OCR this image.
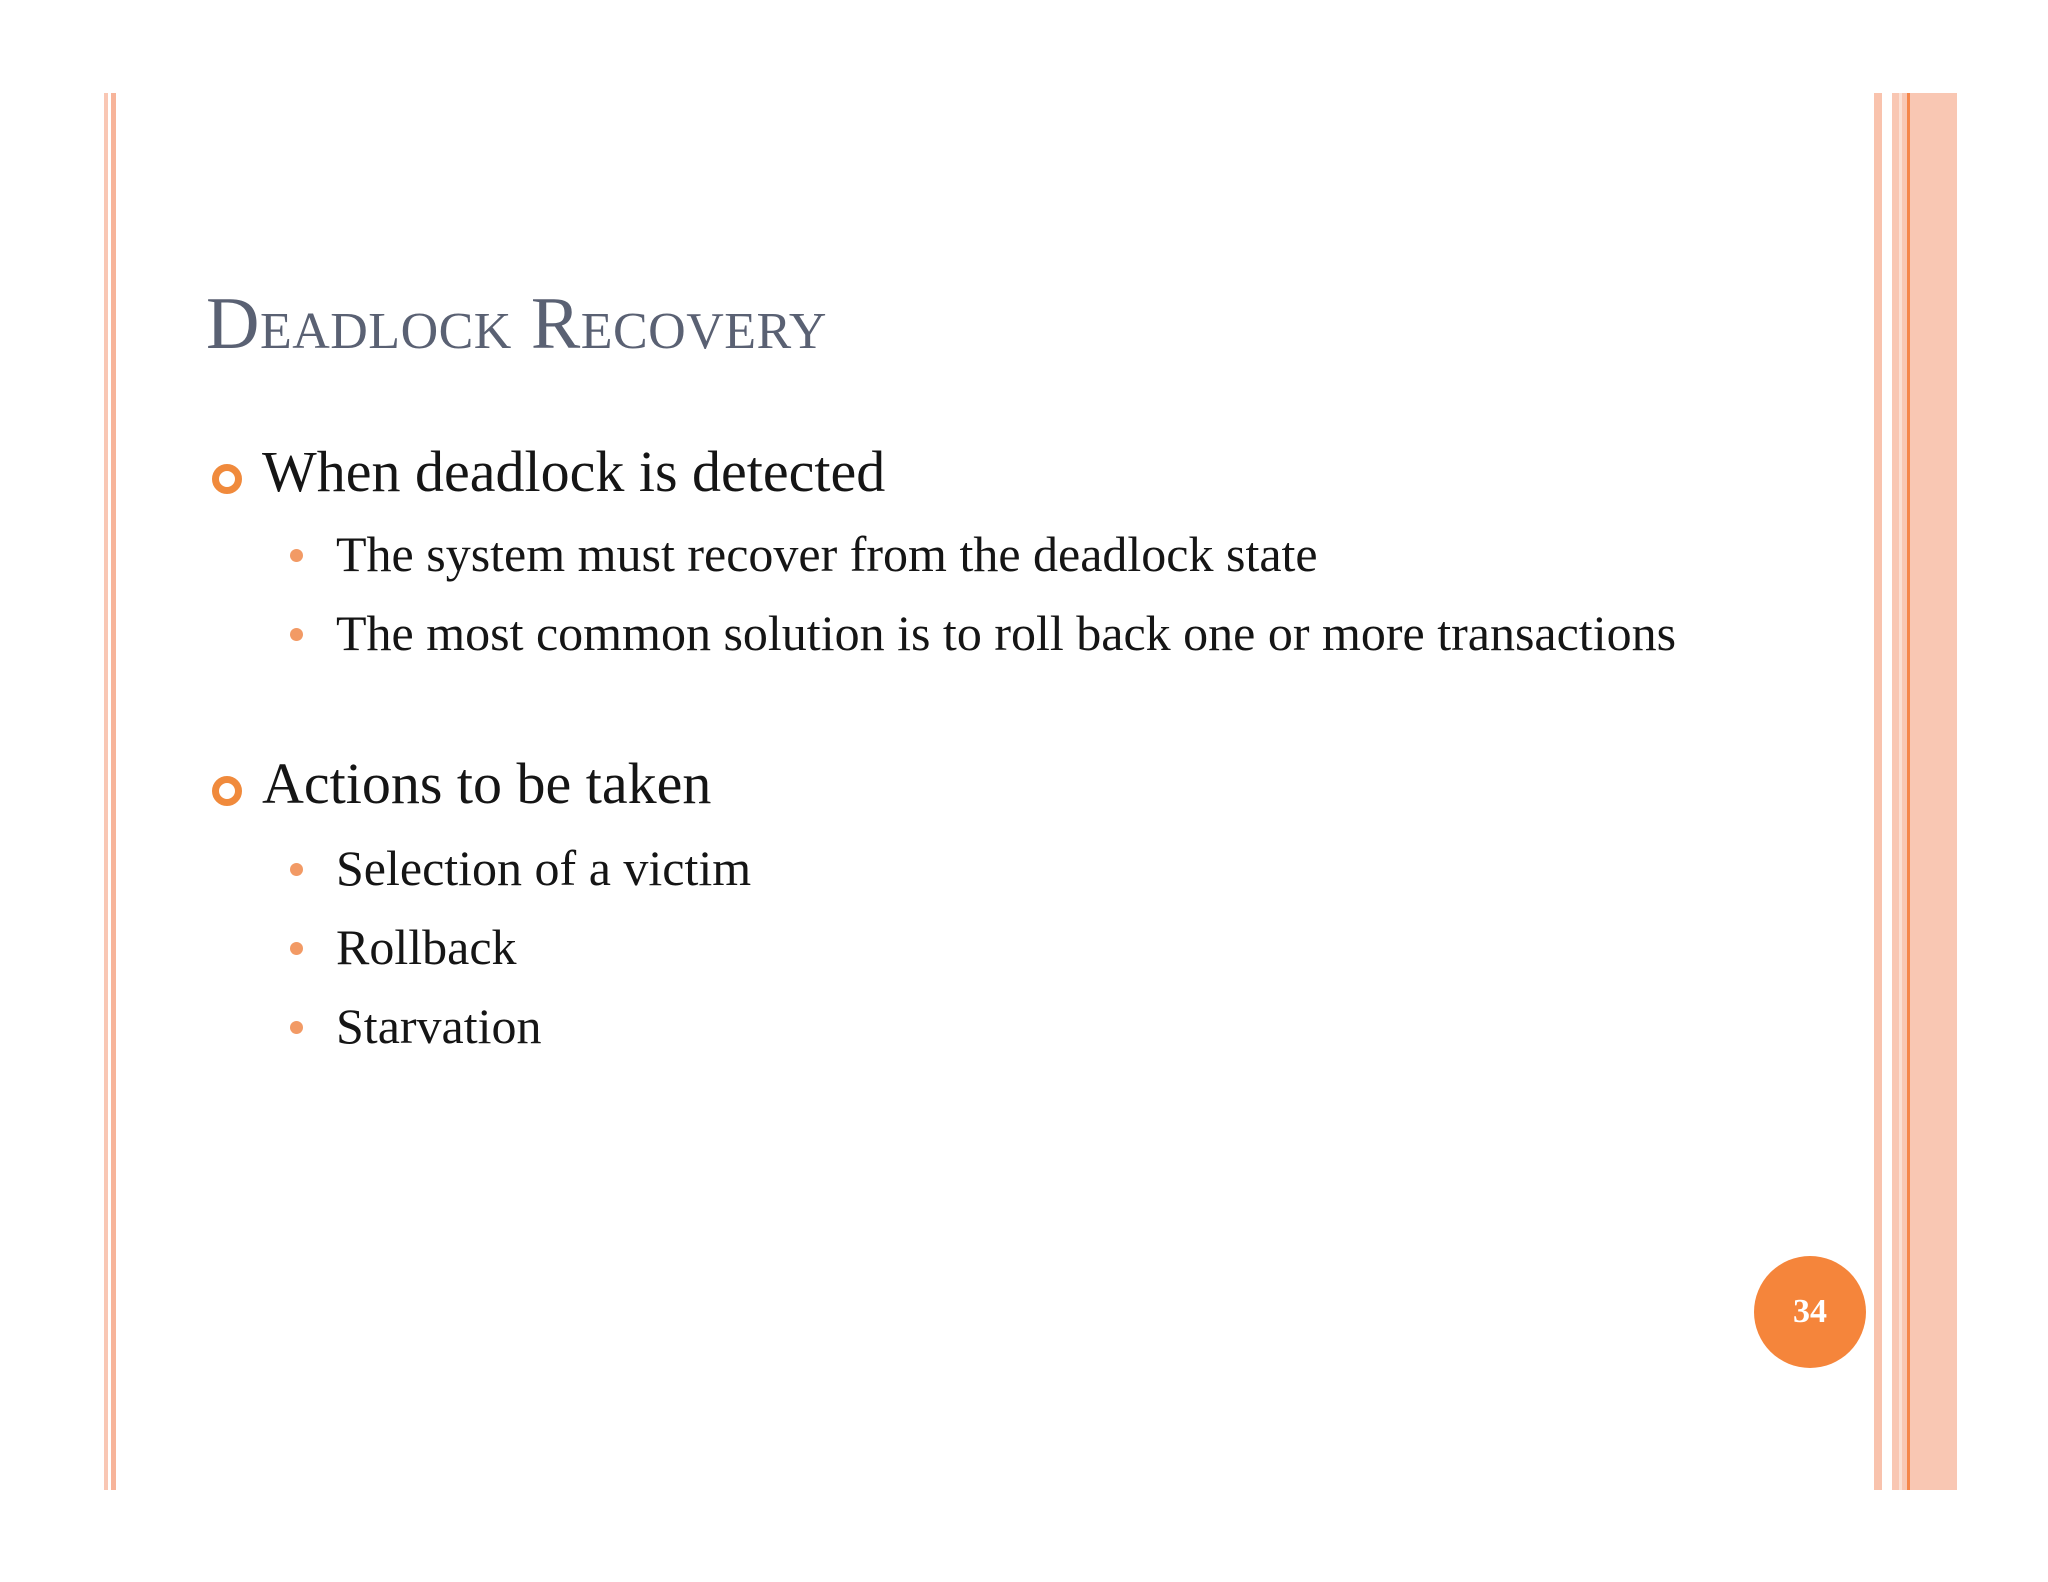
Deadlock Recovery
When deadlock is detected
The system must recover from the deadlock state
The most common solution is to roll back one or more transactions
Actions to be taken
Selection of a victim
Rollback
Starvation
34
